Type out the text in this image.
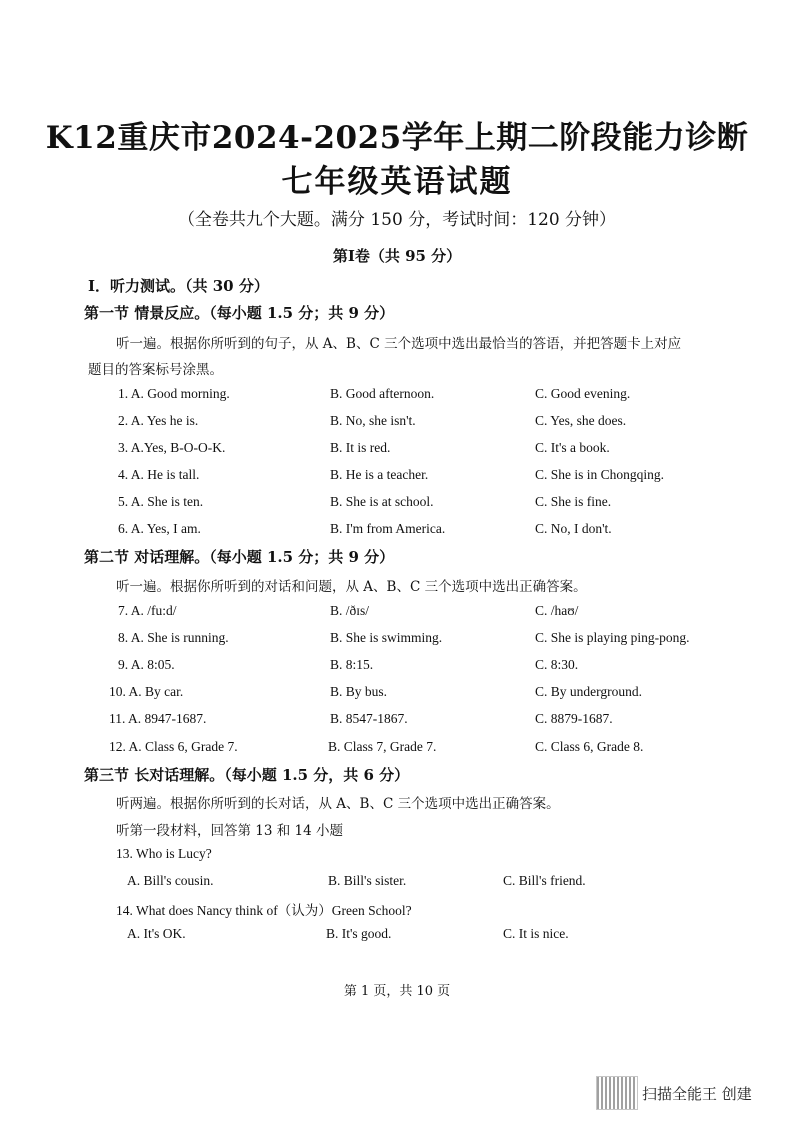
K12重庆市2024-2025学年上期二阶段能力诊断
七年级英语试题
（全卷共九个大题。满分 150 分，考试时间：120 分钟）
第Ⅰ卷（共 95 分）
Ⅰ．听力测试。（共 30 分）
第一节 情景反应。（每小题 1.5 分；共 9 分）
听一遍。根据你所听到的句子，从 A、B、C 三个选项中选出最恰当的答语，并把答题卡上对应
题目的答案标号涂黑。
1. A. Good morning.	B. Good afternoon.	C. Good evening.
2. A. Yes he is.	B. No, she isn't.	C. Yes, she does.
3. A.Yes, B-O-O-K.	B. It is red.	C. It's a book.
4. A. He is tall.	B. He is a teacher.	C. She is in Chongqing.
5. A. She is ten.	B. She is at school.	C. She is fine.
6. A. Yes, I am.	B. I'm from America.	C. No, I don't.
第二节 对话理解。（每小题 1.5 分；共 9 分）
听一遍。根据你所听到的对话和问题，从 A、B、C 三个选项中选出正确答案。
7. A. /fu:d/	B. /ðɪs/	C. /haʊ/
8. A. She is running.	B. She is swimming.	C. She is playing ping-pong.
9. A. 8:05.	B. 8:15.	C. 8:30.
10. A. By car.	B. By bus.	C. By underground.
11. A. 8947-1687.	B. 8547-1867.	C. 8879-1687.
12. A. Class 6, Grade 7.	B. Class 7, Grade 7.	C. Class 6, Grade 8.
第三节 长对话理解。（每小题 1.5 分，共 6 分）
听两遍。根据你所听到的长对话，从 A、B、C 三个选项中选出正确答案。
听第一段材料，回答第 13 和 14 小题
13. Who is Lucy?
A. Bill's cousin.	B. Bill's sister.	C. Bill's friend.
14. What does Nancy think of（认为）Green School?
A. It's OK.	B. It's good.	C. It is nice.
第 1 页，共 10 页
扫描全能王 创建
